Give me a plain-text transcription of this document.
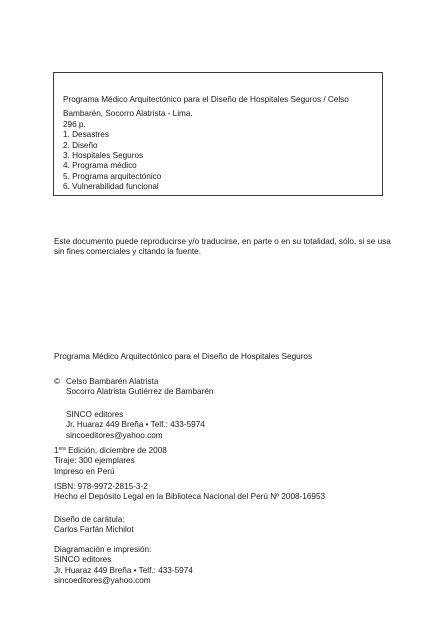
Programa Médico Arquitectónico para el Diseño de Hospitales Seguros / Celso
Bambarén, Socorro Alatrista - Lima.
296 p.
1. Desastres
2. Diseño
3. Hospitales Seguros
4. Programa médico
5. Programa arquitectónico
6. Vulnerabilidad funcional
Este documento puede reproducirse y/o traducirse, en parte o en su totalidad, sólo, si se usa
sin fines comerciales y citando la fuente.
Programa Médico Arquitectónico para el Diseño de Hospitales Seguros
© Celso Bambarén Alatrista
Socorro Alatrista Gutiérrez de Bambarén
SINCO editores
Jr. Huaraz 449 Breña • Telf.: 433-5974
sincoeditores@yahoo.com
$1^{era}$ Edición, diciembre de 2008
Tiraje: 300 ejemplares
Impreso en Perú
ISBN: 978-9972-2815-3-2
Hecho el Depósito Legal en la Biblioteca Nacional del Perú Nº 2008-16953
Diseño de carátula:
Carlos Farfán Michilot
Diagramación e impresión:
SINCO editores
Jr. Huaraz 449 Breña • Telf.: 433-5974
sincoeditores@yahoo.com
